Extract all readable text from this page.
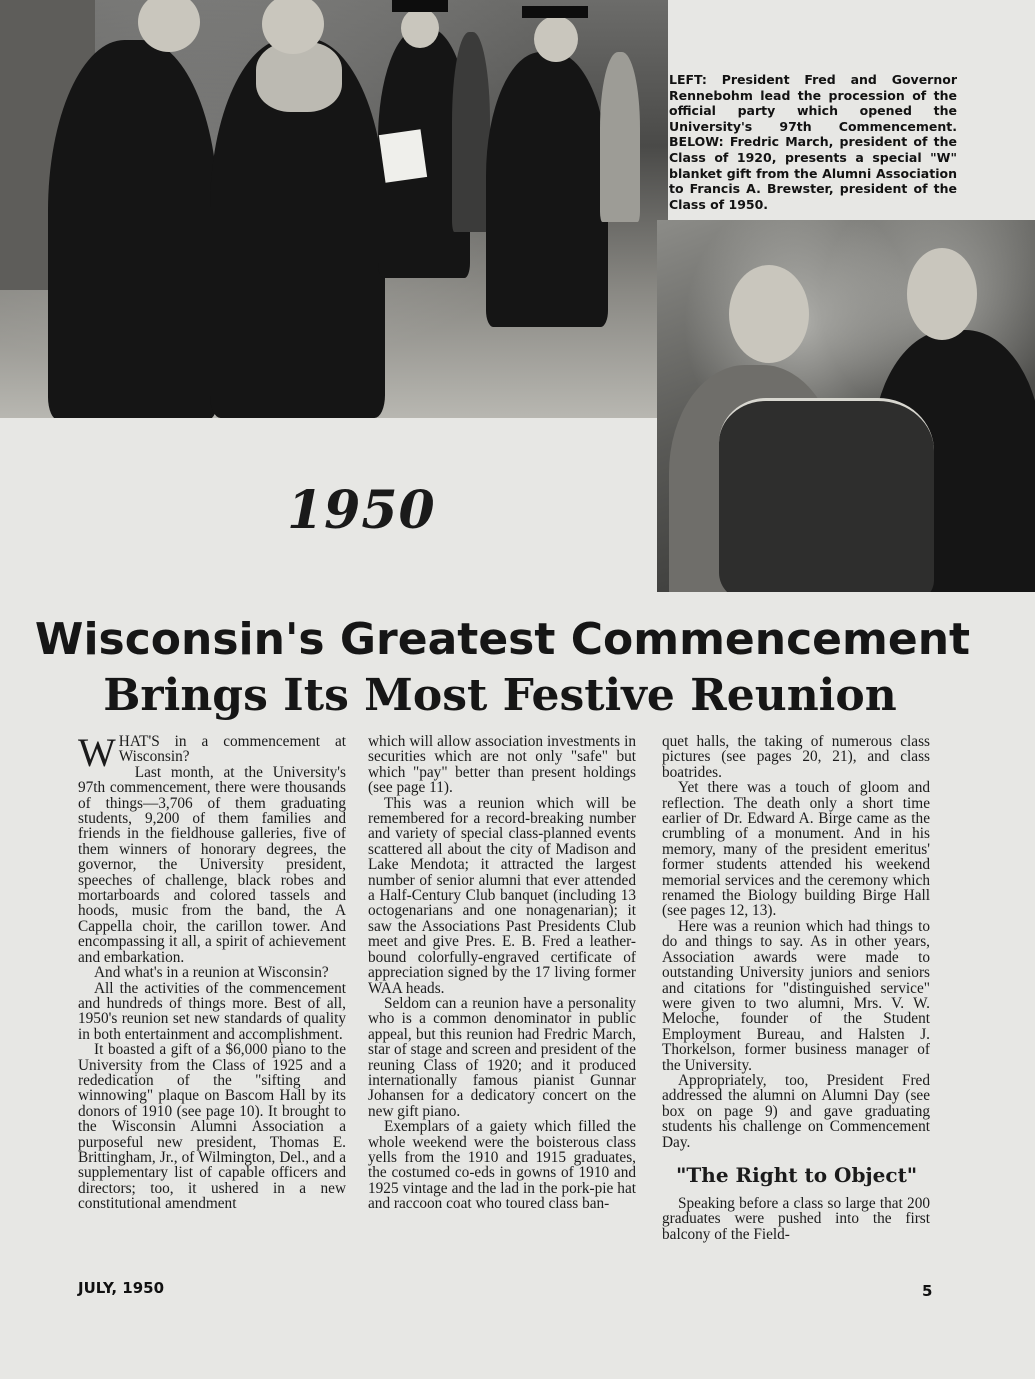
LEFT: President Fred and Governor Rennebohm lead the procession of the official party which opened the University's 97th Commencement. BELOW: Fredric March, president of the Class of 1920, presents a special "W" blanket gift from the Alumni Association to Francis A. Brewster, president of the Class of 1950.
1950
Wisconsin's Greatest Commencement
Brings Its Most Festive Reunion
W HAT'S in a commencement at Wisconsin?

Last month, at the University's 97th commencement, there were thousands of things—3,706 of them graduating students, 9,200 of them families and friends in the fieldhouse galleries, five of them winners of honorary degrees, the governor, the University president, speeches of challenge, black robes and mortarboards and colored tassels and hoods, music from the band, the A Cappella choir, the carillon tower. And encompassing it all, a spirit of achievement and embarkation.

And what's in a reunion at Wisconsin?

All the activities of the commencement and hundreds of things more. Best of all, 1950's reunion set new standards of quality in both entertainment and accomplishment.

It boasted a gift of a $6,000 piano to the University from the Class of 1925 and a rededication of the "sifting and winnowing" plaque on Bascom Hall by its donors of 1910 (see page 10). It brought to the Wisconsin Alumni Association a purposeful new president, Thomas E. Brittingham, Jr., of Wilmington, Del., and a supplementary list of capable officers and directors; too, it ushered in a new constitutional amendment

which will allow association investments in securities which are not only "safe" but which "pay" better than present holdings (see page 11).

This was a reunion which will be remembered for a record-breaking number and variety of special class-planned events scattered all about the city of Madison and Lake Mendota; it attracted the largest number of senior alumni that ever attended a Half-Century Club banquet (including 13 octogenarians and one nonagenarian); it saw the Associations Past Presidents Club meet and give Pres. E. B. Fred a leather-bound colorfully-engraved certificate of appreciation signed by the 17 living former WAA heads.

Seldom can a reunion have a personality who is a common denominator in public appeal, but this reunion had Fredric March, star of stage and screen and president of the reuning Class of 1920; and it produced internationally famous pianist Gunnar Johansen for a dedicatory concert on the new gift piano.

Exemplars of a gaiety which filled the whole weekend were the boisterous class yells from the 1910 and 1915 graduates, the costumed co-eds in gowns of 1910 and 1925 vintage and the lad in the pork-pie hat and raccoon coat who toured class ban-

quet halls, the taking of numerous class pictures (see pages 20, 21), and class boatrides.

Yet there was a touch of gloom and reflection. The death only a short time earlier of Dr. Edward A. Birge came as the crumbling of a monument. And in his memory, many of the president emeritus' former students attended his weekend memorial services and the ceremony which renamed the Biology building Birge Hall (see pages 12, 13).

Here was a reunion which had things to do and things to say. As in other years, Association awards were made to outstanding University juniors and seniors and citations for "distinguished service" were given to two alumni, Mrs. V. W. Meloche, founder of the Student Employment Bureau, and Halsten J. Thorkelson, former business manager of the University.

Appropriately, too, President Fred addressed the alumni on Alumni Day (see box on page 9) and gave graduating students his challenge on Commencement Day.

"The Right to Object"

Speaking before a class so large that 200 graduates were pushed into the first balcony of the Field-

JULY, 1950	5
